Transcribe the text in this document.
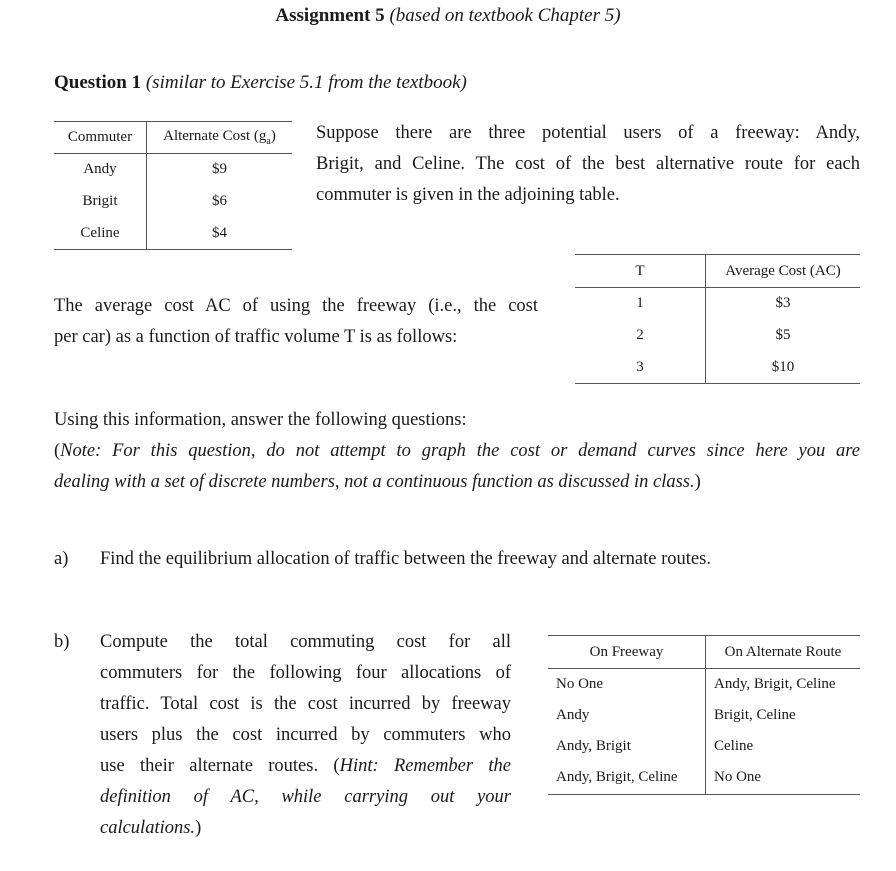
Assignment 5 (based on textbook Chapter 5)
Question 1 (similar to Exercise 5.1 from the textbook)
Commuter	Alternate Cost $(g_a)$
Andy	$9
Brigit	$6
Celine	$4
Suppose there are three potential users of a freeway: Andy,
Brigit, and Celine. The cost of the best alternative route for each
commuter is given in the adjoining table.
T	Average Cost (AC)
1	$3
2	$5
3	$10
The average cost AC of using the freeway (i.e., the cost
per car) as a function of traffic volume T is as follows:
Using this information, answer the following questions:
(Note: For this question, do not attempt to graph the cost or demand curves since here you are
dealing with a set of discrete numbers, not a continuous function as discussed in class.)
a) Find the equilibrium allocation of traffic between the freeway and alternate routes.
b) Compute the total commuting cost for all
commuters for the following four allocations of
traffic. Total cost is the cost incurred by freeway
users plus the cost incurred by commuters who
use their alternate routes. (Hint: Remember the
definition of AC, while carrying out your
calculations.)
On Freeway	On Alternate Route
No One	Andy, Brigit, Celine
Andy	Brigit, Celine
Andy, Brigit	Celine
Andy, Brigit, Celine	No One
